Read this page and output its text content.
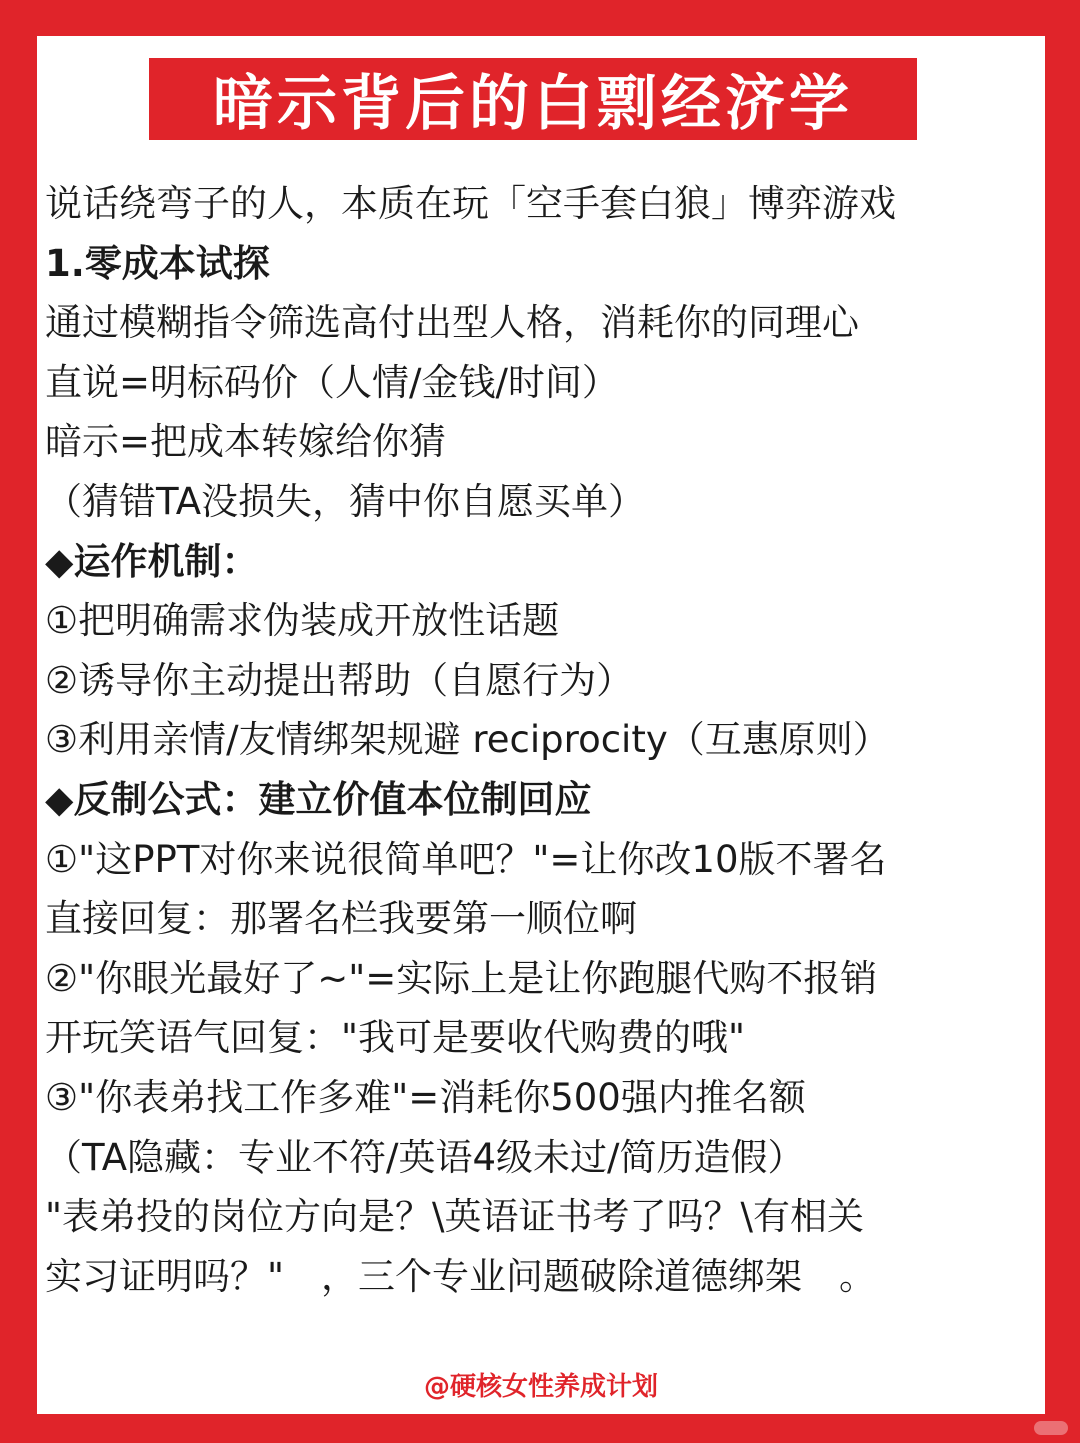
暗示背后的白剽经济学
说话绕弯子的人，本质在玩「空手套白狼」博弈游戏
1.零成本试探
通过模糊指令筛选高付出型人格，消耗你的同理心
直说=明标码价（人情/金钱/时间）
暗示=把成本转嫁给你猜
（猜错TA没损失，猜中你自愿买单）
◆运作机制：
①把明确需求伪装成开放性话题
②诱导你主动提出帮助（自愿行为）
③利用亲情/友情绑架规避 reciprocity（互惠原则）
◆反制公式：建立价值本位制回应
①"这PPT对你来说很简单吧？"=让你改10版不署名
直接回复：那署名栏我要第一顺位啊
②"你眼光最好了~"=实际上是让你跑腿代购不报销
开玩笑语气回复："我可是要收代购费的哦"
③"你表弟找工作多难"=消耗你500强内推名额
（TA隐藏：专业不符/英语4级未过/简历造假）
"表弟投的岗位方向是？\英语证书考了吗？\有相关
实习证明吗？"　，三个专业问题破除道德绑架　。
@硬核女性养成计划
